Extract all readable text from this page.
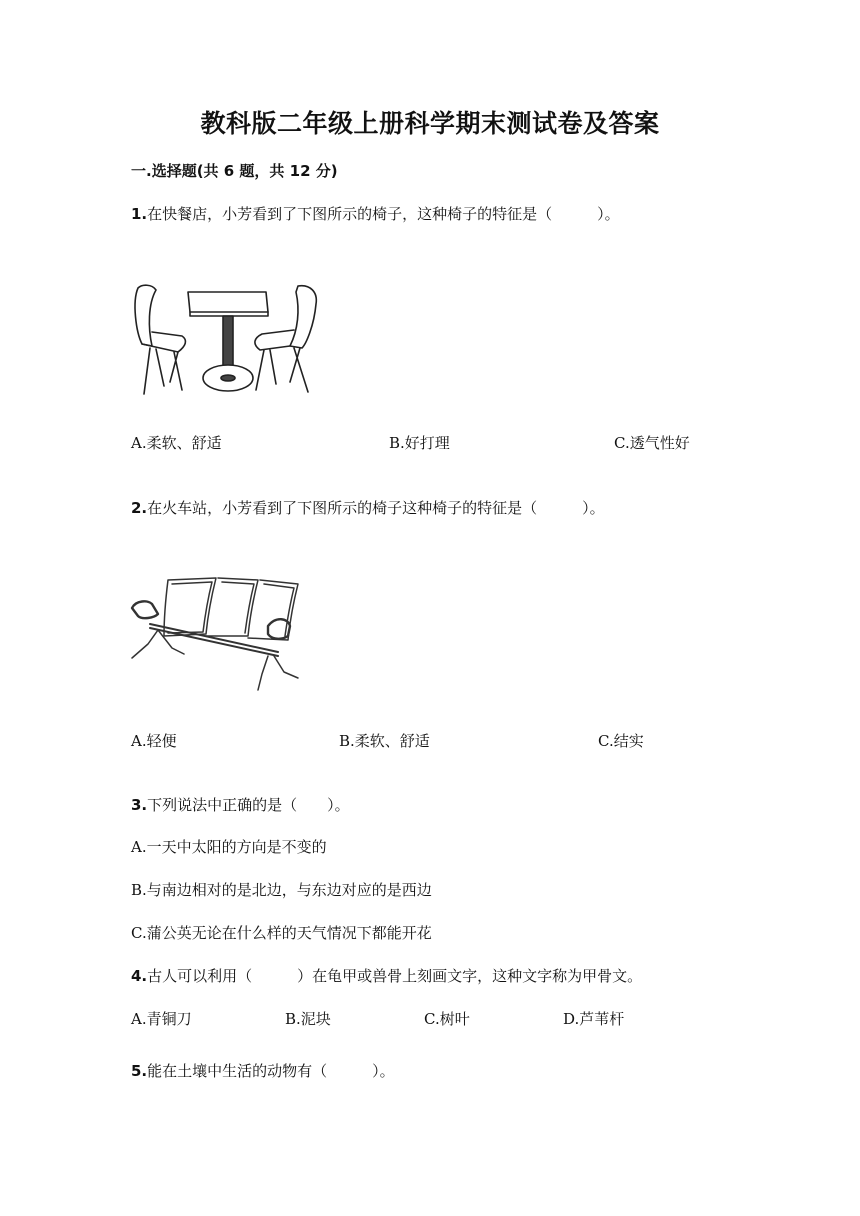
教科版二年级上册科学期末测试卷及答案
一.选择题(共 6 题，共 12 分)
1.在快餐店，小芳看到了下图所示的椅子，这种椅子的特征是（　　　）。
A.柔软、舒适	B.好打理	C.透气性好
2.在火车站，小芳看到了下图所示的椅子这种椅子的特征是（　　　）。
A.轻便	B.柔软、舒适	C.结实
3.下列说法中正确的是（　　）。
A.一天中太阳的方向是不变的
B.与南边相对的是北边，与东边对应的是西边
C.蒲公英无论在什么样的天气情况下都能开花
4.古人可以利用（　　　）在龟甲或兽骨上刻画文字，这种文字称为甲骨文。
A.青铜刀	B.泥块	C.树叶	D.芦苇杆
5.能在土壤中生活的动物有（　　　）。
